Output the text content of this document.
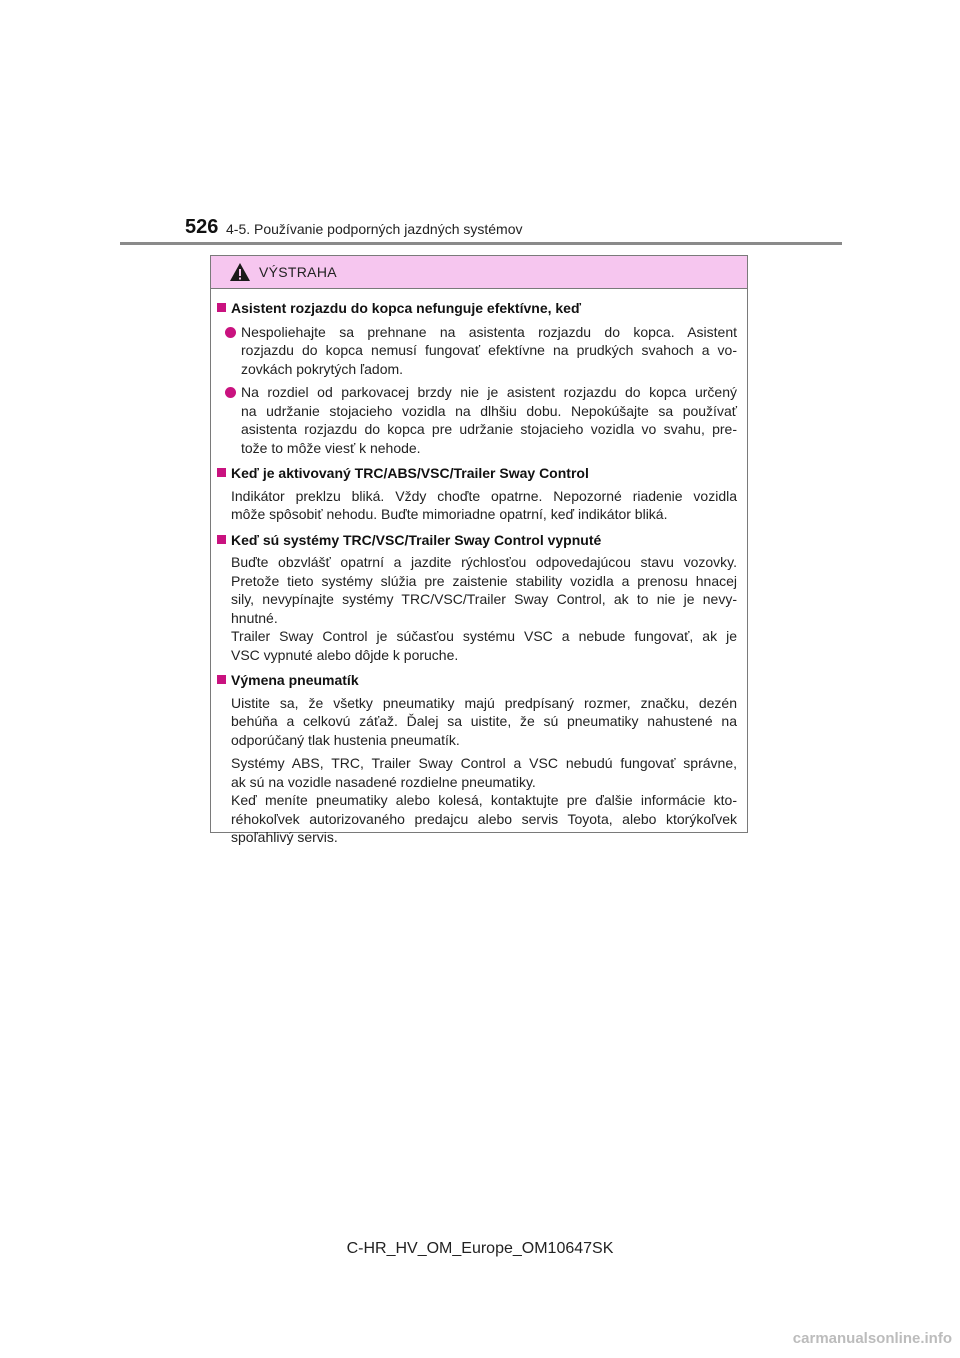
526 4-5. Používanie podporných jazdných systémov
VÝSTRAHA
Asistent rozjazdu do kopca nefunguje efektívne, keď
Nespoliehajte sa prehnane na asistenta rozjazdu do kopca. Asistent
rozjazdu do kopca nemusí fungovať efektívne na prudkých svahoch a vo-
zovkách pokrytých ľadom.
Na rozdiel od parkovacej brzdy nie je asistent rozjazdu do kopca určený
na udržanie stojacieho vozidla na dlhšiu dobu. Nepokúšajte sa používať
asistenta rozjazdu do kopca pre udržanie stojacieho vozidla vo svahu, pre-
tože to môže viesť k nehode.
Keď je aktivovaný TRC/ABS/VSC/Trailer Sway Control
Indikátor preklzu bliká. Vždy choďte opatrne. Nepozorné riadenie vozidla
môže spôsobiť nehodu. Buďte mimoriadne opatrní, keď indikátor bliká.
Keď sú systémy TRC/VSC/Trailer Sway Control vypnuté
Buďte obzvlášť opatrní a jazdite rýchlosťou odpovedajúcou stavu vozovky.
Pretože tieto systémy slúžia pre zaistenie stability vozidla a prenosu hnacej
sily, nevypínajte systémy TRC/VSC/Trailer Sway Control, ak to nie je nevy-
hnutné.
Trailer Sway Control je súčasťou systému VSC a nebude fungovať, ak je
VSC vypnuté alebo dôjde k poruche.
Výmena pneumatík
Uistite sa, že všetky pneumatiky majú predpísaný rozmer, značku, dezén
behúňa a celkovú záťaž. Ďalej sa uistite, že sú pneumatiky nahustené na
odporúčaný tlak hustenia pneumatík.
Systémy ABS, TRC, Trailer Sway Control a VSC nebudú fungovať správne,
ak sú na vozidle nasadené rozdielne pneumatiky.
Keď meníte pneumatiky alebo kolesá, kontaktujte pre ďalšie informácie kto-
réhokoľvek autorizovaného predajcu alebo servis Toyota, alebo ktorýkoľvek
spoľahlivý servis.
C-HR_HV_OM_Europe_OM10647SK
carmanualsonline.info
